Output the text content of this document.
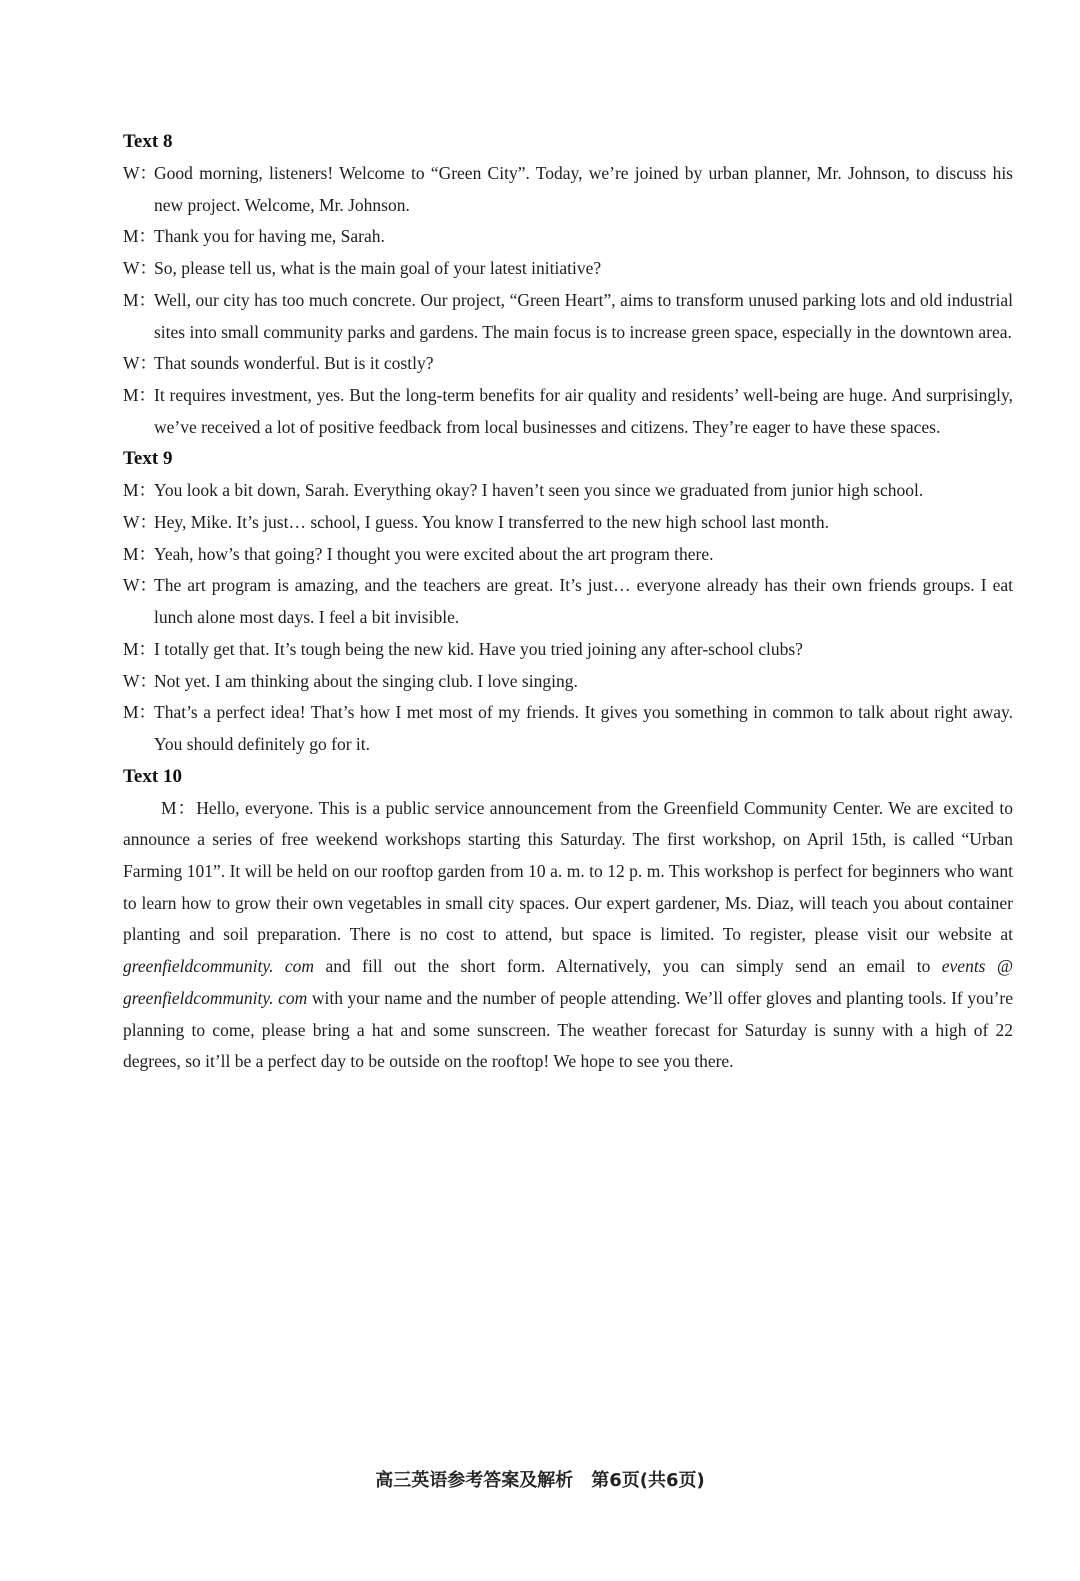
Text 8

W：Good morning, listeners! Welcome to “Green City”. Today, we’re joined by urban planner, Mr. Johnson, to discuss his new project. Welcome, Mr. Johnson.

M：Thank you for having me, Sarah.

W：So, please tell us, what is the main goal of your latest initiative?

M：Well, our city has too much concrete. Our project, “Green Heart”, aims to transform unused parking lots and old industrial sites into small community parks and gardens. The main focus is to increase green space, especially in the downtown area.

W：That sounds wonderful. But is it costly?

M：It requires investment, yes. But the long-term benefits for air quality and residents’ well-being are huge. And surprisingly, we’ve received a lot of positive feedback from local businesses and citizens. They’re eager to have these spaces.

Text 9

M：You look a bit down, Sarah. Everything okay? I haven’t seen you since we graduated from junior high school.

W：Hey, Mike. It’s just… school, I guess. You know I transferred to the new high school last month.

M：Yeah, how’s that going? I thought you were excited about the art program there.

W：The art program is amazing, and the teachers are great. It’s just… everyone already has their own friends groups. I eat lunch alone most days. I feel a bit invisible.

M：I totally get that. It’s tough being the new kid. Have you tried joining any after-school clubs?

W：Not yet. I am thinking about the singing club. I love singing.

M：That’s a perfect idea! That’s how I met most of my friends. It gives you something in common to talk about right away. You should definitely go for it.

Text 10

M：Hello, everyone. This is a public service announcement from the Greenfield Community Center. We are excited to announce a series of free weekend workshops starting this Saturday. The first workshop, on April 15th, is called “Urban Farming 101”. It will be held on our rooftop garden from 10 a. m. to 12 p. m. This workshop is perfect for beginners who want to learn how to grow their own vegetables in small city spaces. Our expert gardener, Ms. Diaz, will teach you about container planting and soil preparation. There is no cost to attend, but space is limited. To register, please visit our website at greenfieldcommunity. com and fill out the short form. Alternatively, you can simply send an email to events @ greenfieldcommunity. com with your name and the number of people attending. We’ll offer gloves and planting tools. If you’re planning to come, please bring a hat and some sunscreen. The weather forecast for Saturday is sunny with a high of 22 degrees, so it’ll be a perfect day to be outside on the rooftop! We hope to see you there.

高三英语参考答案及解析　第6页(共6页)
